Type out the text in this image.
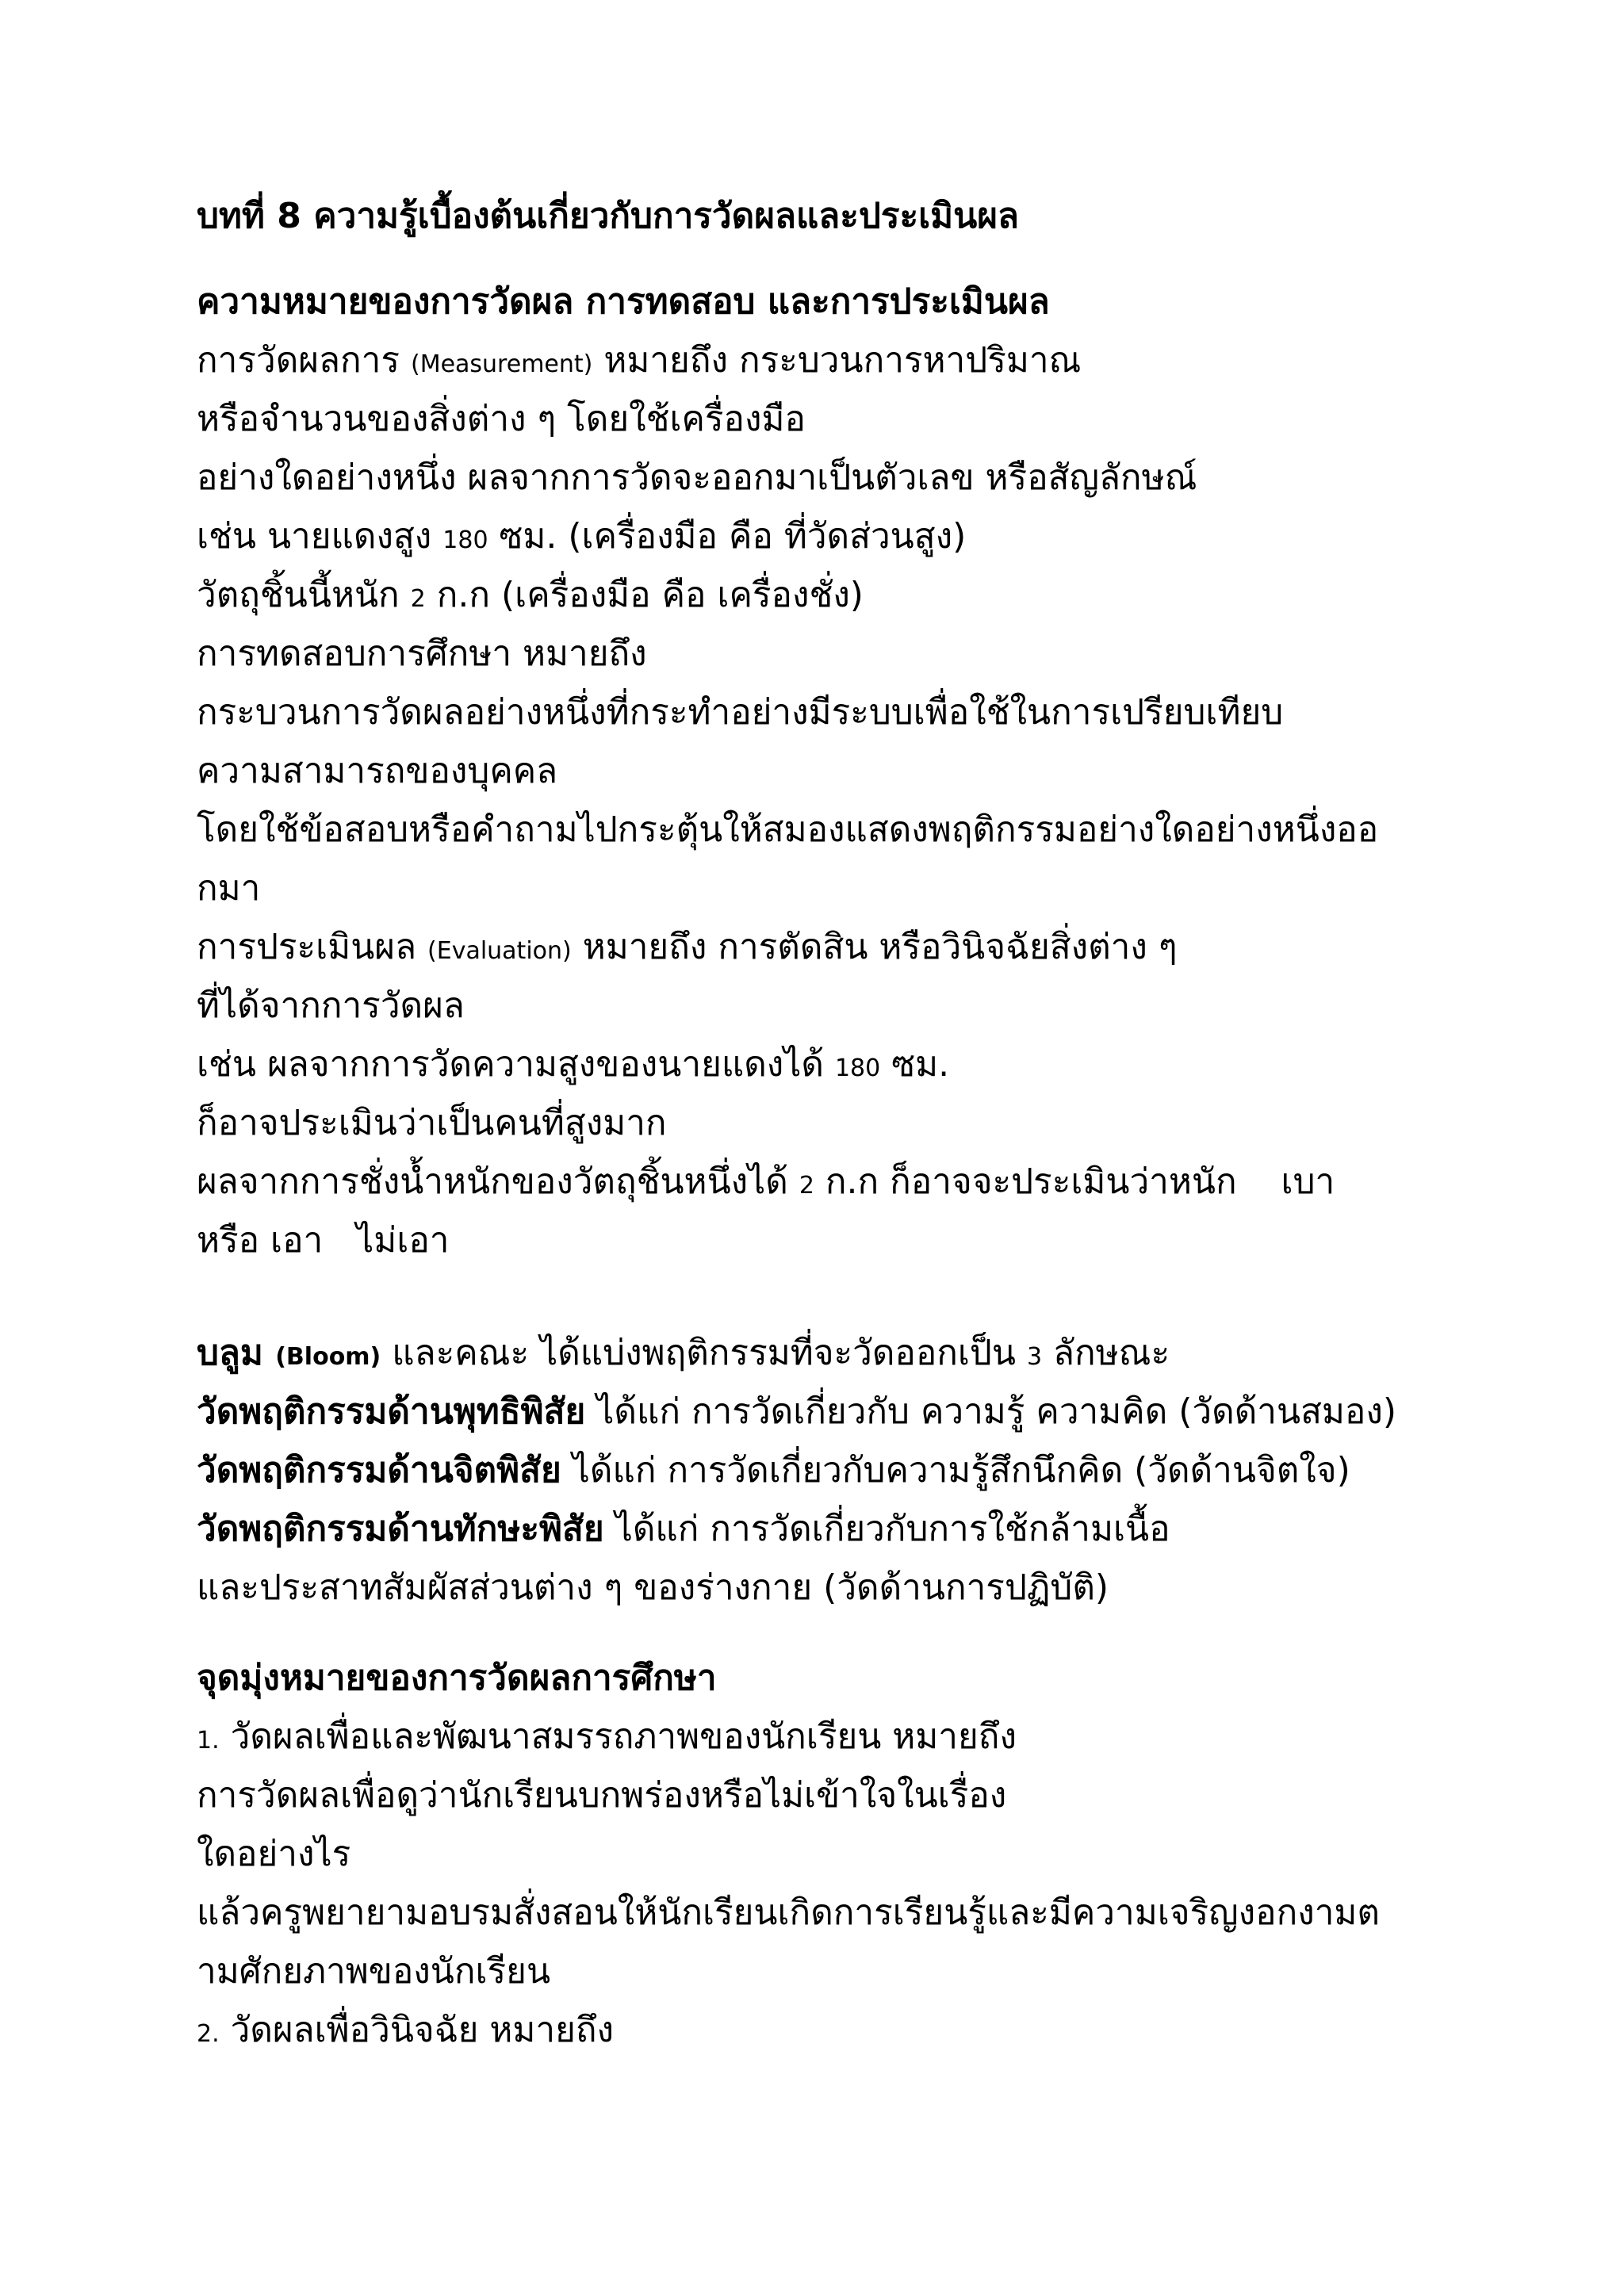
บทที่ 8 ความรู้เบื้องต้นเกี่ยวกับการวัดผลและประเมินผล
ความหมายของการวัดผล การทดสอบ และการประเมินผล
การวัดผลการ (Measurement) หมายถึง กระบวนการหาปริมาณ
หรือจำนวนของสิ่งต่าง ๆ โดยใช้เครื่องมือ
อย่างใดอย่างหนึ่ง ผลจากการวัดจะออกมาเป็นตัวเลข หรือสัญลักษณ์
เช่น นายแดงสูง 180 ซม. (เครื่องมือ คือ ที่วัดส่วนสูง)
วัตถุชิ้นนี้หนัก 2 ก.ก (เครื่องมือ คือ เครื่องชั่ง)
การทดสอบการศึกษา หมายถึง
กระบวนการวัดผลอย่างหนึ่งที่กระทำอย่างมีระบบเพื่อใช้ในการเปรียบเทียบ
ความสามารถของบุคคล
โดยใช้ข้อสอบหรือคำถามไปกระตุ้นให้สมองแสดงพฤติกรรมอย่างใดอย่างหนึ่งออ
กมา
การประเมินผล (Evaluation) หมายถึง การตัดสิน หรือวินิจฉัยสิ่งต่าง ๆ
ที่ได้จากการวัดผล
เช่น ผลจากการวัดความสูงของนายแดงได้ 180 ซม.
ก็อาจประเมินว่าเป็นคนที่สูงมาก
ผลจากการชั่งน้ำหนักของวัตถุชิ้นหนึ่งได้ 2 ก.ก ก็อาจจะประเมินว่าหนัก    เบา
หรือ เอา   ไม่เอา
บลูม (Bloom) และคณะ ได้แบ่งพฤติกรรมที่จะวัดออกเป็น 3 ลักษณะ
วัดพฤติกรรมด้านพุทธิพิสัย ได้แก่ การวัดเกี่ยวกับ ความรู้ ความคิด (วัดด้านสมอง)
วัดพฤติกรรมด้านจิตพิสัย ได้แก่ การวัดเกี่ยวกับความรู้สึกนึกคิด (วัดด้านจิตใจ)
วัดพฤติกรรมด้านทักษะพิสัย ได้แก่ การวัดเกี่ยวกับการใช้กล้ามเนื้อ
และประสาทสัมผัสส่วนต่าง ๆ ของร่างกาย (วัดด้านการปฏิบัติ)
จุดมุ่งหมายของการวัดผลการศึกษา
1. วัดผลเพื่อและพัฒนาสมรรถภาพของนักเรียน หมายถึง
การวัดผลเพื่อดูว่านักเรียนบกพร่องหรือไม่เข้าใจในเรื่อง
ใดอย่างไร
แล้วครูพยายามอบรมสั่งสอนให้นักเรียนเกิดการเรียนรู้และมีความเจริญงอกงามต
ามศักยภาพของนักเรียน
2. วัดผลเพื่อวินิจฉัย หมายถึง
